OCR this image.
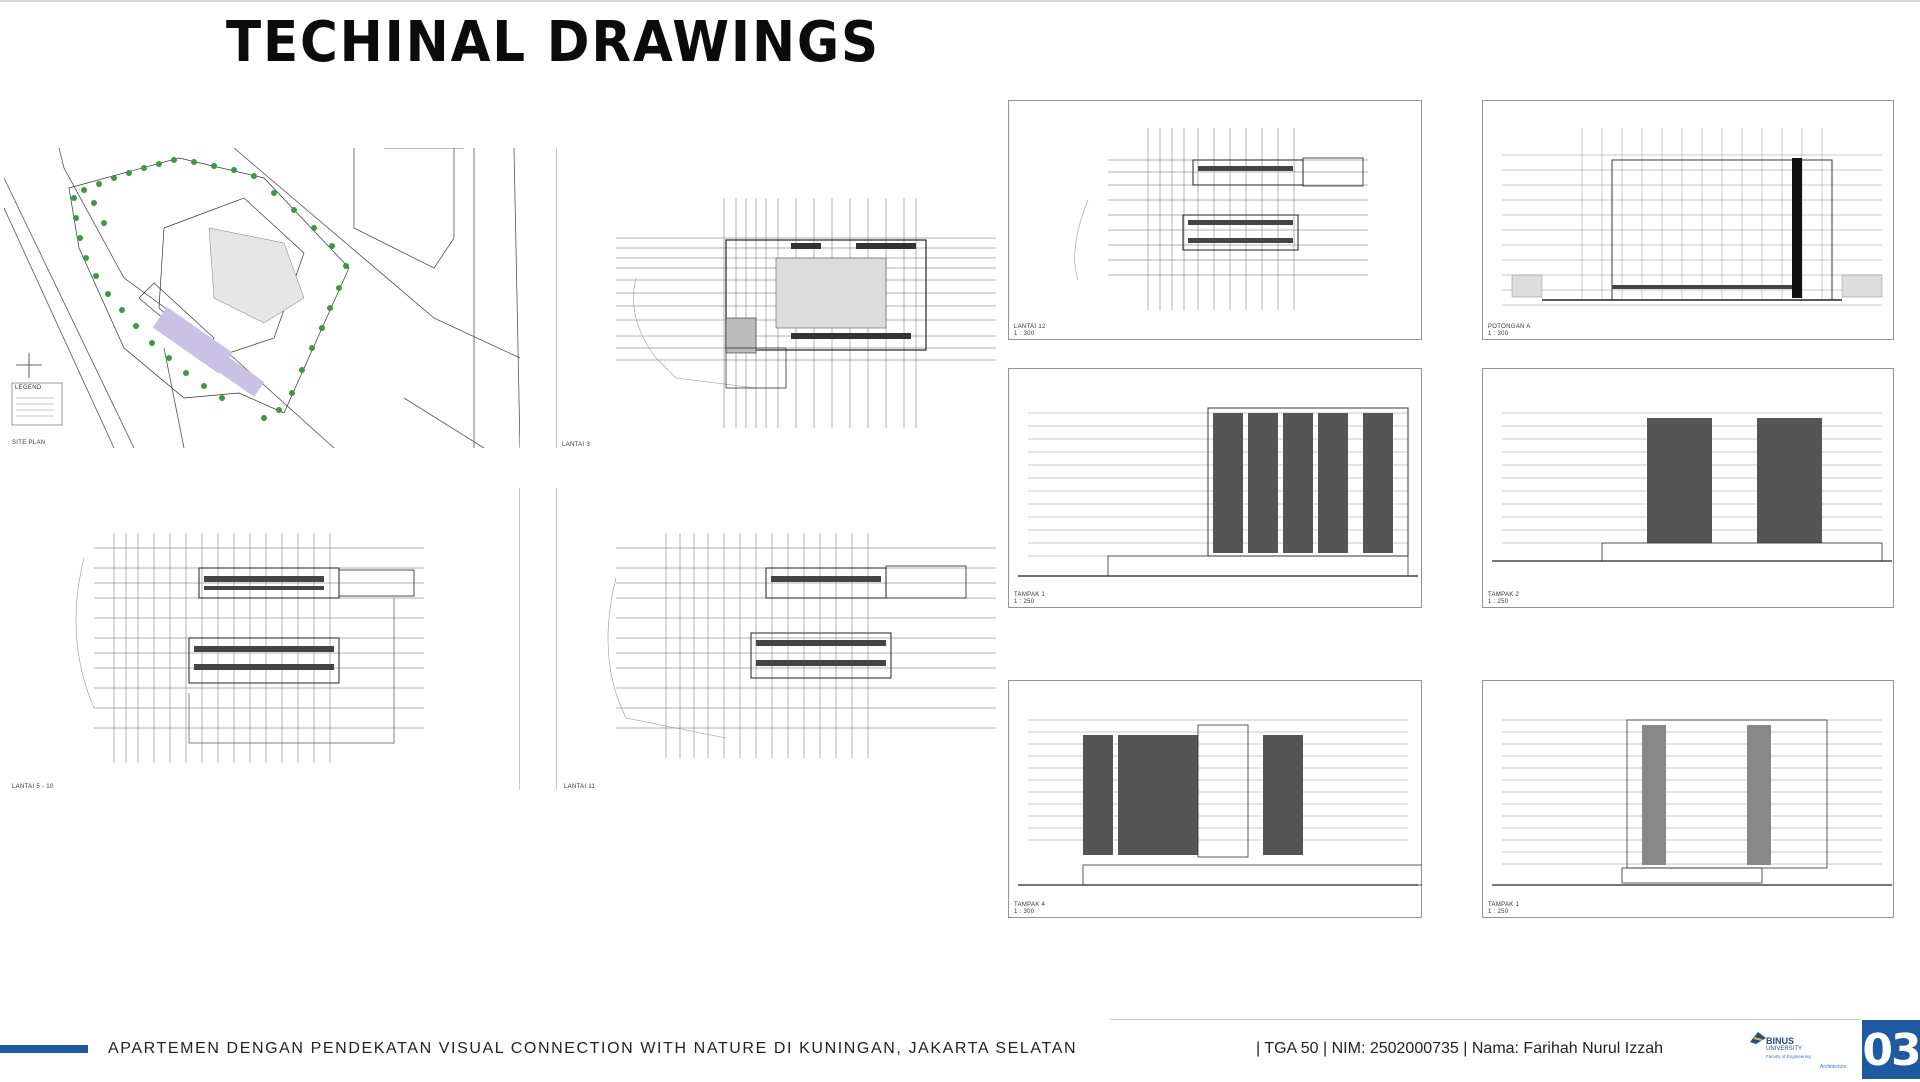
TECHINAL DRAWINGS
LEGEND
SITE PLAN	LANTAI 3
LANTAI 5 - 10	LANTAI 11
LANTAI 12
1 : 300
POTONGAN A
1 : 300
TAMPAK 1
1 : 250
TAMPAK 2
1 : 250
TAMPAK 4
1 : 300
TAMPAK 1
1 : 250
APARTEMEN DENGAN PENDEKATAN VISUAL CONNECTION WITH NATURE DI KUNINGAN, JAKARTA SELATAN	| TGA 50 | NIM: 2502000735 | Nama: Farihah Nurul Izzah	BINUS
UNIVERSITY
Faculty of Engineering
Architecture 03
